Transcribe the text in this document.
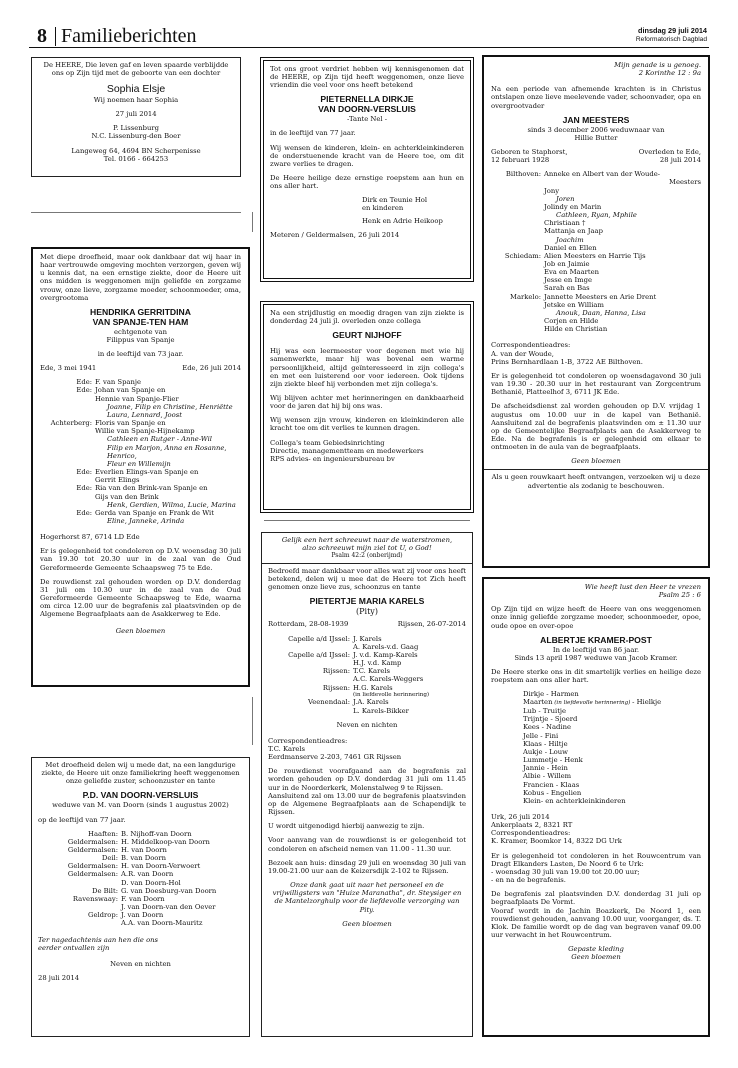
8 Familieberichten	dinsdag 29 juli 2014
Reformatorisch Dagblad
De HEERE, Die leven gaf en leven spaarde verblijdde ons op Zijn tijd met de geboorte van een dochter
Sophia Elsje
Wij noemen haar Sophia
27 juli 2014
P. Lissenburg
N.C. Lissenburg-den Boer
Langeweg 64, 4694 BN Scherpenisse
Tel. 0166 - 664253
Met diepe droefheid, maar ook dankbaar dat wij haar in haar vertrouwde omgeving mochten verzorgen, geven wij u kennis dat, na een ernstige ziekte, door de Heere uit ons midden is weggenomen mijn geliefde en zorgzame vrouw, onze lieve, zorgzame moeder, schoonmoeder, oma, overgrootoma
HENDRIKA GERRITDINA
VAN SPANJE-TEN HAM
echtgenote van
Filippus van Spanje
in de leeftijd van 73 jaar.
Ede, 3 mei 1941	Ede, 26 juli 2014
Ede: F. van Spanje
Ede: Johan van Spanje en
Hennie van Spanje-Flier
Joanne, Filip en Christine, Henriëtte
Laura, Lennard, Joost
Achterberg: Floris van Spanje en
Willie van Spanje-Hijnekamp
Cathleen en Rutger - Anne-Wil
Filip en Marjon, Anna en Rosanne, Henrico,
Fleur en Willemijn
Ede: Everlien Elings-van Spanje en
Gerrit Elings
Ede: Ria van den Brink-van Spanje en
Gijs van den Brink
Henk, Gerdien, Wilma, Lucie, Marina
Ede: Gerda van Spanje en Frank de Wit
Eline, Janneke, Arinda
Hogerhorst 87, 6714 LD Ede
Er is gelegenheid tot condoleren op D.V. woensdag 30 juli van 19.30 tot 20.30 uur in de zaal van de Oud Gereformeerde Gemeente Schaapsweg 75 te Ede.
De rouwdienst zal gehouden worden op D.V. donderdag 31 juli om 10.30 uur in de zaal van de Oud Gereformeerde Gemeente Schaapsweg te Ede, waarna om circa 12.00 uur de begrafenis zal plaatsvinden op de Algemene Begraafplaats aan de Asakkerweg te Ede.
Geen bloemen
Met droefheid delen wij u mede dat, na een langdurige ziekte, de Heere uit onze familiekring heeft weggenomen onze geliefde zuster, schoonzuster en tante
P.D. VAN DOORN-VERSLUIS
weduwe van M. van Doorn (sinds 1 augustus 2002)
op de leeftijd van 77 jaar.
Haaften: B. Nijhoff-van Doorn
Geldermalsen: H. Middelkoop-van Doorn
Geldermalsen: H. van Doorn
Deil: B. van Doorn
Geldermalsen: H. van Doorn-Verwoert
Geldermalsen: A.R. van Doorn
D. van Doorn-Hol
De Bilt: G. van Doesburg-van Doorn
Ravenswaay: F. van Doorn
J. van Doorn-van den Oever
Geldrop: J. van Doorn
A.A. van Doorn-Mauritz
Ter nagedachtenis aan hen die ons eerder ontvallen zijn
Neven en nichten
28 juli 2014
Tot ons groot verdriet hebben wij kennisgenomen dat de HEERE, op Zijn tijd heeft weggenomen, onze lieve vriendin die veel voor ons heeft betekend
PIETERNELLA DIRKJE
VAN DOORN-VERSLUIS
-Tante Nel -
in de leeftijd van 77 jaar.
Wij wensen de kinderen, klein- en achterkleinkinderen de onderstuenende kracht van de Heere toe, om dit zware verlies te dragen.
De Heere heilige deze ernstige roepstem aan hun en ons aller hart.
Dirk en Teunie Hol
en kinderen
Henk en Adrie Heikoop
Meteren / Geldermalsen, 26 juli 2014
Na een strijdlustig en moedig dragen van zijn ziekte is donderdag 24 juli jl. overleden onze collega
GEURT NIJHOFF
Hij was een leermeester voor degenen met wie hij samenwerkte, maar hij was bovenal een warme persoonlijkheid, altijd geïnteresseerd in zijn collega's en met een luisterend oor voor iedereen. Ook tijdens zijn ziekte bleef hij verbonden met zijn collega's.
Wij blijven achter met herinneringen en dankbaarheid voor de jaren dat hij bij ons was.
Wij wensen zijn vrouw, kinderen en kleinkinderen alle kracht toe om dit verlies te kunnen dragen.
Collega's team Gebiedsinrichting
Directie, managementteam en medewerkers
RPS advies- en ingenieursbureau bv
Gelijk een hert schreeuwt naar de waterstromen,
alzo schreeuwt mijn ziel tot U, o God!
Psalm 42:2 (onberijmd)
Bedroefd maar dankbaar voor alles wat zij voor ons heeft betekend, delen wij u mee dat de Heere tot Zich heeft genomen onze lieve zus, schoonzus en tante
PIETERTJE MARIA KARELS
(Pity)
Rotterdam, 28-08-1939	Rijssen, 26-07-2014
Capelle a/d IJssel: J. Karels
A. Karels-v.d. Gaag
Capelle a/d IJssel: J. v.d. Kamp-Karels
H.J. v.d. Kamp
Rijssen: T.C. Karels
A.C. Karels-Weggers
Rijssen: H.G. Karels
(in liefdevolle herinnering)
Veenendaal: J.A. Karels
L. Karels-Bikker
Neven en nichten
Correspondentieadres:
T.C. Karels
Eerdmanserve 2-203, 7461 GR Rijssen
De rouwdienst voorafgaand aan de begrafenis zal worden gehouden op D.V. donderdag 31 juli om 11.45 uur in de Noorderkerk, Molenstalweg 9 te Rijssen.
Aansluitend zal om 13.00 uur de begrafenis plaatsvinden op de Algemene Begraafplaats aan de Schapendijk te Rijssen.
U wordt uitgenodigd hierbij aanwezig te zijn.
Voor aanvang van de rouwdienst is er gelegenheid tot condoleren en afscheid nemen van 11.00 - 11.30 uur.
Bezoek aan huis: dinsdag 29 juli en woensdag 30 juli van 19.00-21.00 uur aan de Keizersdijk 2-102 te Rijssen.
Onze dank gaat uit naar het personeel en de vrijwilligsters van "Huize Maranatha", dr. Steysiger en de Mantelzorghulp voor de liefdevolle verzorging van Pity.
Geen bloemen
Mijn genade is u genoeg.
2 Korinthe 12 : 9a
Na een periode van afnemende krachten is in Christus ontslapen onze lieve meelevende vader, schoonvader, opa en overgrootvader
JAN MEESTERS
sinds 3 december 2006 weduwnaar van
Hillie Butter
Geboren te Staphorst,	Overleden te Ede,
12 februari 1928	28 juli 2014
Bilthoven: Anneke en Albert van der Woude-
Meesters
Jony
Joren
Jolindy en Marin
Cathleen, Ryan, Mphile
Christiaan †
Mattanja en Jaap
Joachim
Daniel en Ellen
Schiedam: Alien Meesters en Harrie Tijs
Job en Jaimie
Eva en Maarten
Jesse en Imge
Sarah en Bas
Markelo: Jannette Meesters en Arie Drent
Jetske en William
Anouk, Daan, Hanna, Lisa
Corjen en Hilde
Hilde en Christian
Correspondentieadres:
A. van der Woude,
Prins Bernhardlaan 1-B, 3722 AE Bilthoven.
Er is gelegenheid tot condoleren op woensdagavond 30 juli van 19.30 - 20.30 uur in het restaurant van Zorgcentrum Bethanië, Platteelhof 3, 6711 JK Ede.
De afscheidsdienst zal worden gehouden op D.V. vrijdag 1 augustus om 10.00 uur in de kapel van Bethanië. Aansluitend zal de begrafenis plaatsvinden om ± 11.30 uur op de Gemeentelijke Begraafplaats aan de Asakkerweg te Ede. Na de begrafenis is er gelegenheid om elkaar te ontmoeten in de aula van de begraafplaats.
Geen bloemen
Als u geen rouwkaart heeft ontvangen, verzoeken wij u deze advertentie als zodanig te beschouwen.
Wie heeft lust den Heer te vrezen
Psalm 25 : 6
Op Zijn tijd en wijze heeft de Heere van ons weggenomen onze innig geliefde zorgzame moeder, schoonmoeder, opoe, oude opoe en over-opoe
ALBERTJE KRAMER-POST
In de leeftijd van 86 jaar.
Sinds 13 april 1987 weduwe van Jacob Kramer.
De Heere sterke ons in dit smartelijk verlies en heilige deze roepstem aan ons aller hart.
Dirkje - Harmen
Maarten (in liefdevolle herinnering) - Hielkje
Lub - Truitje
Trijntje - Sjoerd
Kees - Nadine
Jelle - Fini
Klaas - Hiltje
Aukje - Louw
Lummetje - Henk
Jannie - Hein
Albie - Willem
Francien - Klaas
Kobus - Engelien
Klein- en achterkleinkinderen
Urk, 26 juli 2014
Ankerplaats 2, 8321 RT
Correspondentieadres:
K. Kramer, Boomkor 14, 8322 DG Urk
Er is gelegenheid tot condoleren in het Rouwcentrum van Dragt Elkanders Lasten, De Noord 6 te Urk:
- woensdag 30 juli van 19.00 tot 20.00 uur;
- en na de begrafenis.
De begrafenis zal plaatsvinden D.V. donderdag 31 juli op begraafplaats De Vormt.
Vooraf wordt in de Jachin Boazkerk, De Noord 1, een rouwdienst gehouden, aanvang 10.00 uur, voorganger, ds. T. Klok. De familie wordt op de dag van begraven vanaf 09.00 uur verwacht in het Rouwcentrum.
Gepaste kleding
Geen bloemen
